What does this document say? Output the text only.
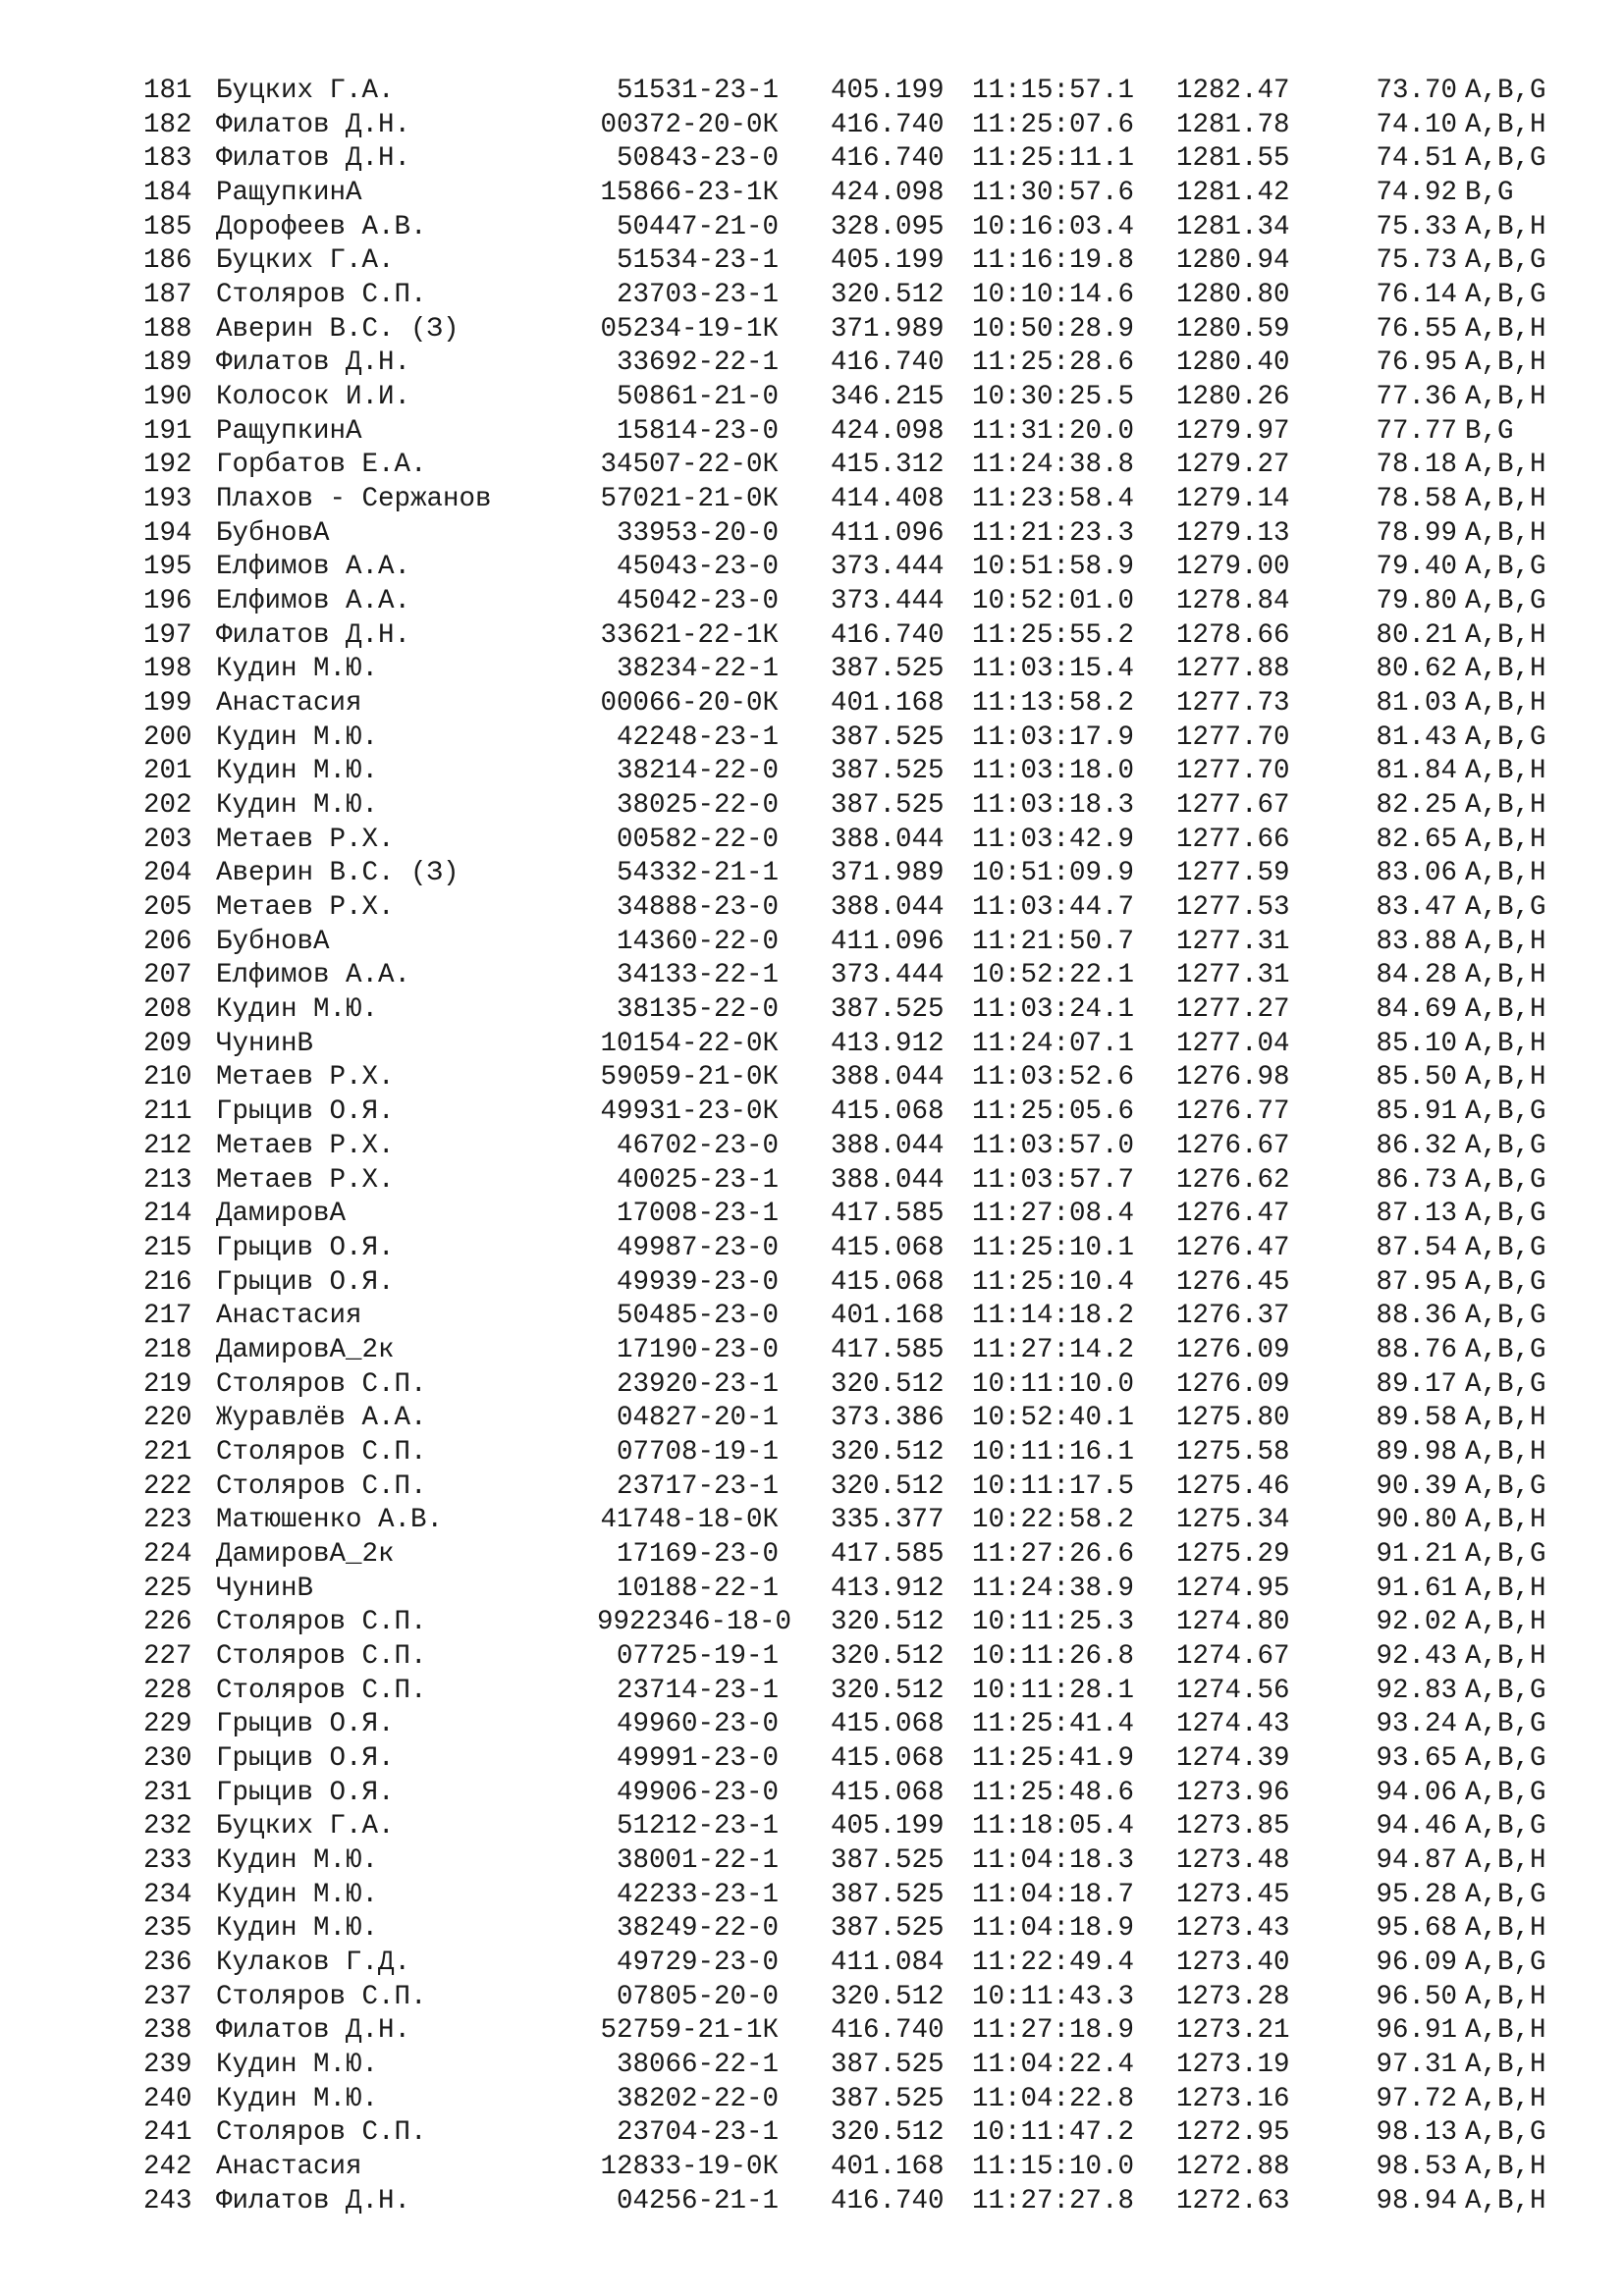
181 Буцких Г.А.	51531-23-1 405.199 11:15:57.1 1282.47	73.70 A,B,G
182 Филатов Д.Н.	00372-20-0К 416.740 11:25:07.6 1281.78	74.10 A,B,H
183 Филатов Д.Н.	50843-23-0 416.740 11:25:11.1 1281.55	74.51 A,B,G
184 РащупкинА	15866-23-1К 424.098 11:30:57.6 1281.42	74.92 B,G
185 Дорофеев А.В.	50447-21-0 328.095 10:16:03.4 1281.34	75.33 A,B,H
186 Буцких Г.А.	51534-23-1 405.199 11:16:19.8 1280.94	75.73 A,B,G
187 Столяров С.П.	23703-23-1 320.512 10:10:14.6 1280.80	76.14 A,B,G
188 Аверин В.С. (З)	05234-19-1К 371.989 10:50:28.9 1280.59	76.55 A,B,H
189 Филатов Д.Н.	33692-22-1 416.740 11:25:28.6 1280.40	76.95 A,B,H
190 Колосок И.И.	50861-21-0 346.215 10:30:25.5 1280.26	77.36 A,B,H
191 РащупкинА	15814-23-0 424.098 11:31:20.0 1279.97	77.77 B,G
192 Горбатов Е.А.	34507-22-0К 415.312 11:24:38.8 1279.27	78.18 A,B,H
193 Плахов - Сержанов	57021-21-0К 414.408 11:23:58.4 1279.14	78.58 A,B,H
194 БубновА	33953-20-0 411.096 11:21:23.3 1279.13	78.99 A,B,H
195 Елфимов А.А.	45043-23-0 373.444 10:51:58.9 1279.00	79.40 A,B,G
196 Елфимов А.А.	45042-23-0 373.444 10:52:01.0 1278.84	79.80 A,B,G
197 Филатов Д.Н.	33621-22-1К 416.740 11:25:55.2 1278.66	80.21 A,B,H
198 Кудин М.Ю.	38234-22-1 387.525 11:03:15.4 1277.88	80.62 A,B,H
199 Анастасия	00066-20-0К 401.168 11:13:58.2 1277.73	81.03 A,B,H
200 Кудин М.Ю.	42248-23-1 387.525 11:03:17.9 1277.70	81.43 A,B,G
201 Кудин М.Ю.	38214-22-0 387.525 11:03:18.0 1277.70	81.84 A,B,H
202 Кудин М.Ю.	38025-22-0 387.525 11:03:18.3 1277.67	82.25 A,B,H
203 Метаев Р.Х.	00582-22-0 388.044 11:03:42.9 1277.66	82.65 A,B,H
204 Аверин В.С. (З)	54332-21-1 371.989 10:51:09.9 1277.59	83.06 A,B,H
205 Метаев Р.Х.	34888-23-0 388.044 11:03:44.7 1277.53	83.47 A,B,G
206 БубновА	14360-22-0 411.096 11:21:50.7 1277.31	83.88 A,B,H
207 Елфимов А.А.	34133-22-1 373.444 10:52:22.1 1277.31	84.28 A,B,H
208 Кудин М.Ю.	38135-22-0 387.525 11:03:24.1 1277.27	84.69 A,B,H
209 ЧунинВ	10154-22-0К 413.912 11:24:07.1 1277.04	85.10 A,B,H
210 Метаев Р.Х.	59059-21-0К 388.044 11:03:52.6 1276.98	85.50 A,B,H
211 Грыцив О.Я.	49931-23-0К 415.068 11:25:05.6 1276.77	85.91 A,B,G
212 Метаев Р.Х.	46702-23-0 388.044 11:03:57.0 1276.67	86.32 A,B,G
213 Метаев Р.Х.	40025-23-1 388.044 11:03:57.7 1276.62	86.73 A,B,G
214 ДамировА	17008-23-1 417.585 11:27:08.4 1276.47	87.13 A,B,G
215 Грыцив О.Я.	49987-23-0 415.068 11:25:10.1 1276.47	87.54 A,B,G
216 Грыцив О.Я.	49939-23-0 415.068 11:25:10.4 1276.45	87.95 A,B,G
217 Анастасия	50485-23-0 401.168 11:14:18.2 1276.37	88.36 A,B,G
218 ДамировА_2к	17190-23-0 417.585 11:27:14.2 1276.09	88.76 A,B,G
219 Столяров С.П.	23920-23-1 320.512 10:11:10.0 1276.09	89.17 A,B,G
220 Журавлёв А.А.	04827-20-1 373.386 10:52:40.1 1275.80	89.58 A,B,H
221 Столяров С.П.	07708-19-1 320.512 10:11:16.1 1275.58	89.98 A,B,H
222 Столяров С.П.	23717-23-1 320.512 10:11:17.5 1275.46	90.39 A,B,G
223 Матюшенко А.В.	41748-18-0К 335.377 10:22:58.2 1275.34	90.80 A,B,H
224 ДамировА_2к	17169-23-0 417.585 11:27:26.6 1275.29	91.21 A,B,G
225 ЧунинВ	10188-22-1 413.912 11:24:38.9 1274.95	91.61 A,B,H
226 Столяров С.П.	9922346-18-0 320.512 10:11:25.3 1274.80	92.02 A,B,H
227 Столяров С.П.	07725-19-1 320.512 10:11:26.8 1274.67	92.43 A,B,H
228 Столяров С.П.	23714-23-1 320.512 10:11:28.1 1274.56	92.83 A,B,G
229 Грыцив О.Я.	49960-23-0 415.068 11:25:41.4 1274.43	93.24 A,B,G
230 Грыцив О.Я.	49991-23-0 415.068 11:25:41.9 1274.39	93.65 A,B,G
231 Грыцив О.Я.	49906-23-0 415.068 11:25:48.6 1273.96	94.06 A,B,G
232 Буцких Г.А.	51212-23-1 405.199 11:18:05.4 1273.85	94.46 A,B,G
233 Кудин М.Ю.	38001-22-1 387.525 11:04:18.3 1273.48	94.87 A,B,H
234 Кудин М.Ю.	42233-23-1 387.525 11:04:18.7 1273.45	95.28 A,B,G
235 Кудин М.Ю.	38249-22-0 387.525 11:04:18.9 1273.43	95.68 A,B,H
236 Кулаков Г.Д.	49729-23-0 411.084 11:22:49.4 1273.40	96.09 A,B,G
237 Столяров С.П.	07805-20-0 320.512 10:11:43.3 1273.28	96.50 A,B,H
238 Филатов Д.Н.	52759-21-1К 416.740 11:27:18.9 1273.21	96.91 A,B,H
239 Кудин М.Ю.	38066-22-1 387.525 11:04:22.4 1273.19	97.31 A,B,H
240 Кудин М.Ю.	38202-22-0 387.525 11:04:22.8 1273.16	97.72 A,B,H
241 Столяров С.П.	23704-23-1 320.512 10:11:47.2 1272.95	98.13 A,B,G
242 Анастасия	12833-19-0К 401.168 11:15:10.0 1272.88	98.53 A,B,H
243 Филатов Д.Н.	04256-21-1 416.740 11:27:27.8 1272.63	98.94 A,B,H
